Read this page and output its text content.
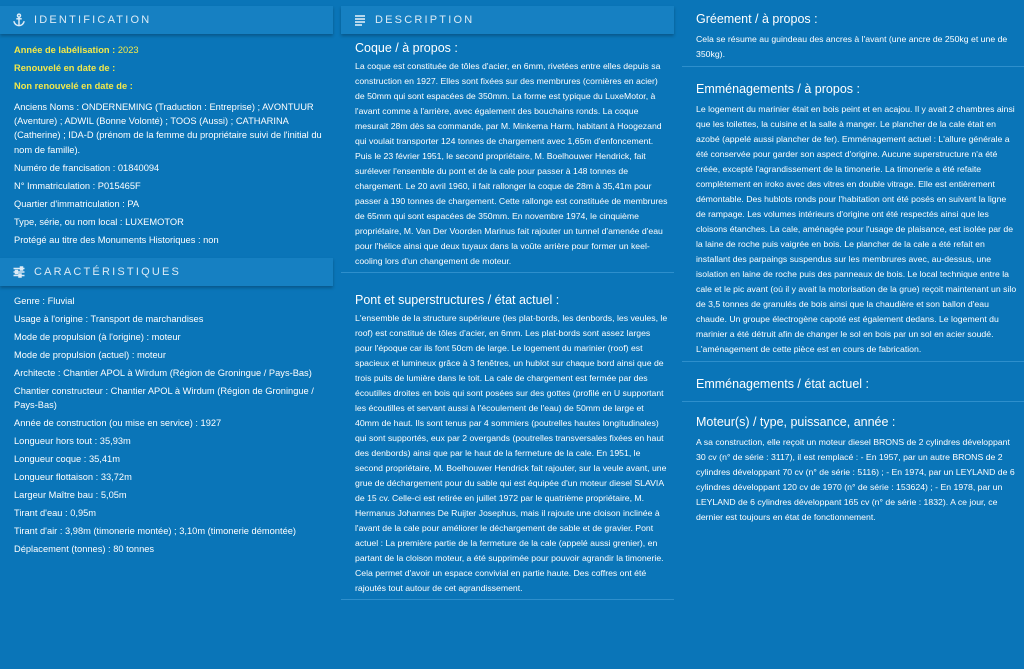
IDENTIFICATION
Année de labélisation : 2023
Renouvelé en date de :
Non renouvelé en date de :
Anciens Noms : ONDERNEMING (Traduction : Entreprise) ; AVONTUUR (Aventure) ; ADWIL (Bonne Volonté) ; TOOS (Aussi) ; CATHARINA (Catherine) ; IDA-D (prénom de la femme du propriétaire suivi de l'initial du nom de famille).
Numéro de francisation : 01840094
N° Immatriculation : P015465F
Quartier d'immatriculation : PA
Type, série, ou nom local : LUXEMOTOR
Protégé au titre des Monuments Historiques : non
CARACTÉRISTIQUES
Genre : Fluvial
Usage à l'origine : Transport de marchandises
Mode de propulsion (à l'origine) : moteur
Mode de propulsion (actuel) : moteur
Architecte : Chantier APOL à Wirdum (Région de Groningue / Pays-Bas)
Chantier constructeur : Chantier APOL à Wirdum (Région de Groningue / Pays-Bas)
Année de construction (ou mise en service) : 1927
Longueur hors tout : 35,93m
Longueur coque : 35,41m
Longueur flottaison : 33,72m
Largeur Maître bau : 5,05m
Tirant d'eau : 0,95m
Tirant d'air : 3,98m (timonerie montée) ; 3,10m (timonerie démontée)
Déplacement (tonnes) : 80 tonnes
DESCRIPTION
Coque / à propos :
La coque est constituée de tôles d'acier, en 6mm, rivetées entre elles depuis sa construction en 1927. Elles sont fixées sur des membrures (cornières en acier) de 50mm qui sont espacées de 350mm. La forme est typique du LuxeMotor, à l'avant comme à l'arrière, avec également des bouchains ronds. La coque mesurait 28m dès sa commande, par M. Minkema Harm, habitant à Hoogezand qui voulait transporter 124 tonnes de chargement avec 1,65m d'enfoncement. Puis le 23 février 1951, le second propriétaire, M. Boelhouwer Hendrick, fait surélever l'ensemble du pont et de la cale pour passer à 148 tonnes de chargement. Le 20 avril 1960, il fait rallonger la coque de 28m à 35,41m pour passer à 190 tonnes de chargement. Cette rallonge est constituée de membrures de 65mm qui sont espacées de 350mm. En novembre 1974, le cinquième propriétaire, M. Van Der Voorden Marinus fait rajouter un tunnel d'amenée d'eau pour l'hélice ainsi que deux tuyaux dans la voûte arrière pour former un keel-cooling lors d'un changement de moteur.
Pont et superstructures / état actuel :
L'ensemble de la structure supérieure (les plat-bords, les denbords, les veules, le roof) est constitué de tôles d'acier, en 6mm. Les plat-bords sont assez larges pour l'époque car ils font 50cm de large. Le logement du marinier (roof) est spacieux et lumineux grâce à 3 fenêtres, un hublot sur chaque bord ainsi que de trois puits de lumière dans le toit. La cale de chargement est fermée par des écoutilles droites en bois qui sont posées sur des gottes (profilé en U supportant les écoutilles et servant aussi à l'écoulement de l'eau) de 50mm de large et 40mm de haut. Ils sont tenus par 4 sommiers (poutrelles hautes longitudinales) qui sont supportés, eux par 2 overgands (poutrelles transversales fixées en haut des denbords) ainsi que par le haut de la fermeture de la cale. En 1951, le second propriétaire, M. Boelhouwer Hendrick fait rajouter, sur la veule avant, une grue de déchargement pour du sable qui est équipée d'un moteur diesel SLAVIA de 15 cv. Celle-ci est retirée en juillet 1972 par le quatrième propriétaire, M. Hermanus Johannes De Ruijter Josephus, mais il rajoute une cloison inclinée à l'avant de la cale pour améliorer le déchargement de sable et de gravier. Pont actuel : La première partie de la fermeture de la cale (appelé aussi grenier), en partant de la cloison moteur, a été supprimée pour pouvoir agrandir la timonerie. Cela permet d'avoir un espace convivial en partie haute. Des coffres ont été rajoutés tout autour de cet agrandissement.
Gréement / à propos :
Cela se résume au guindeau des ancres à l'avant (une ancre de 250kg et une de 350kg).
Emménagements / à propos :
Le logement du marinier était en bois peint et en acajou. Il y avait 2 chambres ainsi que les toilettes, la cuisine et la salle à manger. Le plancher de la cale était en azobé (appelé aussi plancher de fer). Emménagement actuel : L'allure générale a été conservée pour garder son aspect d'origine. Aucune superstructure n'a été créée, excepté l'agrandissement de la timonerie. La timonerie a été refaite complètement en iroko avec des vitres en double vitrage. Elle est entièrement démontable. Des hublots ronds pour l'habitation ont été posés en suivant la ligne de rampage. Les volumes intérieurs d'origine ont été respectés ainsi que les cloisons étanches. La cale, aménagée pour l'usage de plaisance, est isolée par de la laine de roche puis vaigrée en bois. Le plancher de la cale a été refait en installant des parpaings suspendus sur les membrures avec, au-dessus, une isolation en laine de roche puis des panneaux de bois. Le local technique entre la cale et le pic avant (où il y avait la motorisation de la grue) reçoit maintenant un silo de 3,5 tonnes de granulés de bois ainsi que la chaudière et son ballon d'eau chaude. Un groupe électrogène capoté est également dedans. Le logement du marinier a été détruit afin de changer le sol en bois par un sol en acier soudé. L'aménagement de cette pièce est en cours de fabrication.
Emménagements / état actuel :
Moteur(s) / type, puissance, année :
A sa construction, elle reçoit un moteur diesel BRONS de 2 cylindres développant 30 cv (n° de série : 3117), il est remplacé : - En 1957, par un autre BRONS de 2 cylindres développant 70 cv (n° de série : 5116) ; - En 1974, par un LEYLAND de 6 cylindres développant 120 cv de 1970 (n° de série : 153624) ; - En 1978, par un LEYLAND de 6 cylindres développant 165 cv (n° de série : 1832). A ce jour, ce dernier est toujours en état de fonctionnement.
